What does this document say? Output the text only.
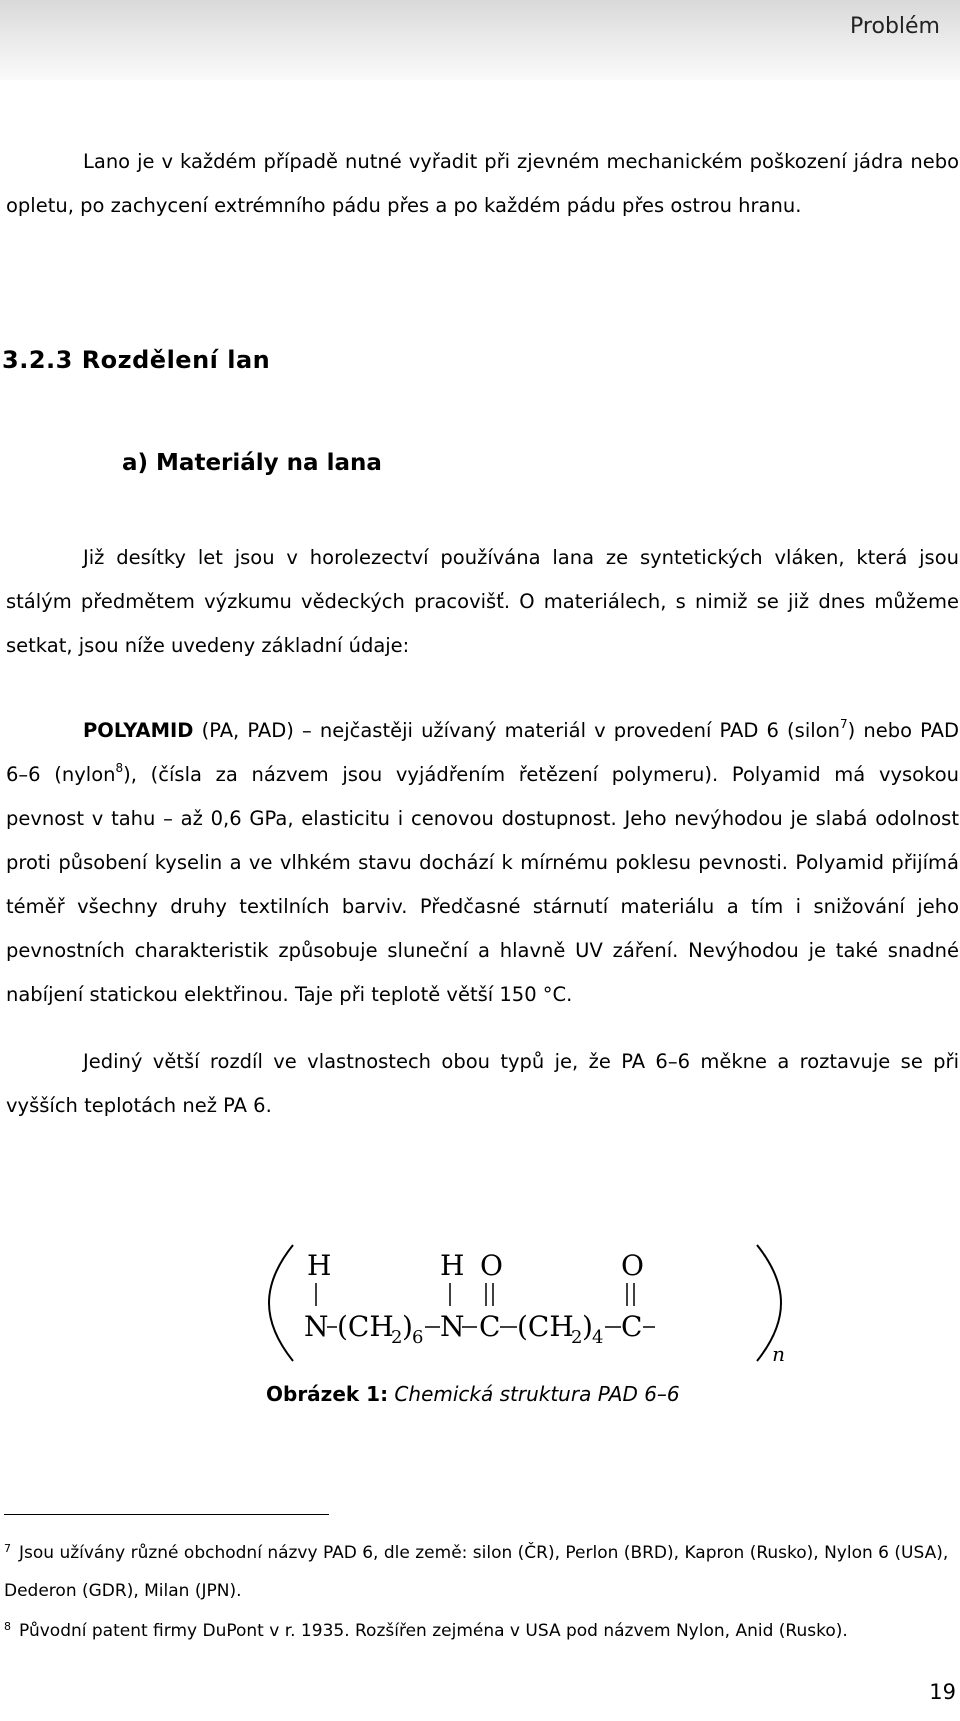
Problém

Lano je v každém případě nutné vyřadit při zjevném mechanickém poškození jádra nebo opletu, po zachycení extrémního pádu přes a po každém pádu přes ostrou hranu.

3.2.3 Rozdělení lan
a) Materiály na lana

Již desítky let jsou v horolezectví používána lana ze syntetických vláken, která jsou stálým předmětem výzkumu vědeckých pracovišť. O materiálech, s nimiž se již dnes můžeme setkat, jsou níže uvedeny základní údaje:

POLYAMID (PA, PAD) – nejčastěji užívaný materiál v provedení PAD 6 (silon$^7$) nebo PAD 6–6 (nylon$^8$), (čísla za názvem jsou vyjádřením řetězení polymeru). Polyamid má vysokou pevnost v tahu – až 0,6 GPa, elasticitu i cenovou dostupnost. Jeho nevýhodou je slabá odolnost proti působení kyselin a ve vlhkém stavu dochází k mírnému poklesu pevnosti. Polyamid přijímá téměř všechny druhy textilních barviv. Předčasné stárnutí materiálu a tím i snižování jeho pevnostních charakteristik způsobuje sluneční a hlavně UV záření. Nevýhodou je také snadné nabíjení statickou elektřinou. Taje při teplotě větší 150 °C.

Jediný větší rozdíl ve vlastnostech obou typů je, že PA 6–6 měkne a roztavuje se při vyšších teplotách než PA 6.

H
N (CH
2 ) 6
H
N
O
C (CH
2 ) 4
O
C
n

Obrázek 1: Chemická struktura PAD 6–6

$^7$ Jsou užívány různé obchodní názvy PAD 6, dle země: silon (ČR), Perlon (BRD), Kapron (Rusko), Nylon 6 (USA), Dederon (GDR), Milan (JPN).

$^8$ Původní patent firmy DuPont v r. 1935. Rozšířen zejména v USA pod názvem Nylon, Anid (Rusko).

19
